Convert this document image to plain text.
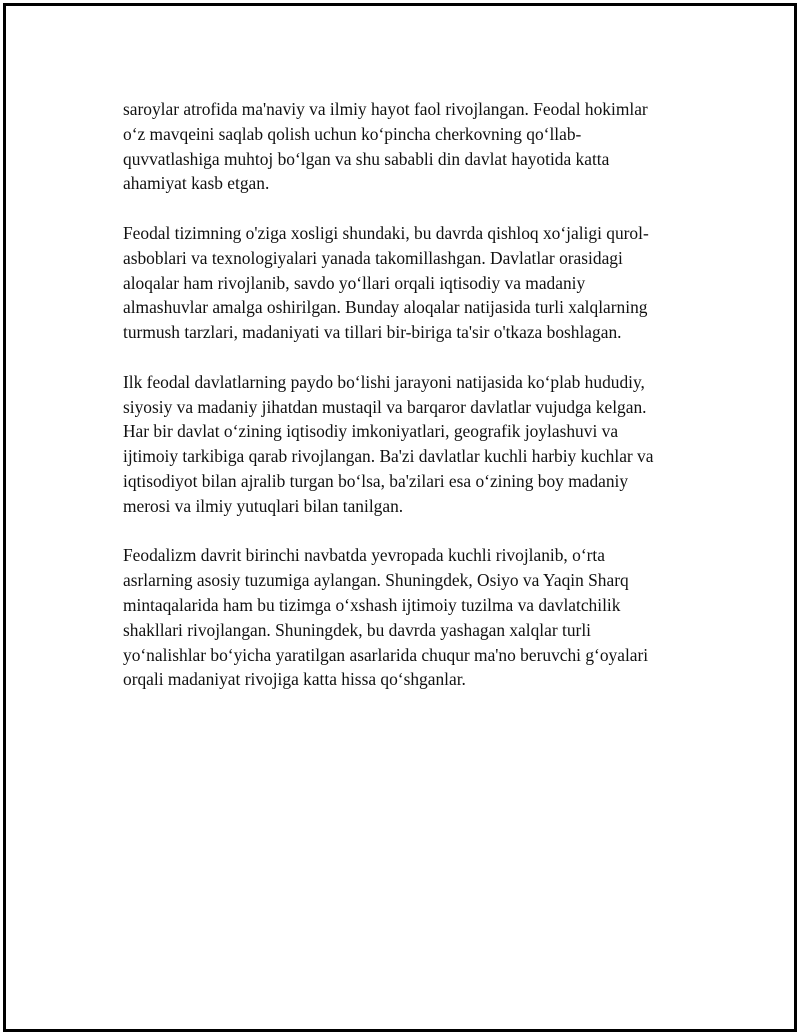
saroylar atrofida ma'naviy va ilmiy hayot faol rivojlangan. Feodal hokimlar
o‘z mavqeini saqlab qolish uchun ko‘pincha cherkovning qo‘llab-
quvvatlashiga muhtoj bo‘lgan va shu sababli din davlat hayotida katta
ahamiyat kasb etgan.

Feodal tizimning o'ziga xosligi shundaki, bu davrda qishloq xo‘jaligi qurol-
asboblari va texnologiyalari yanada takomillashgan. Davlatlar orasidagi
aloqalar ham rivojlanib, savdo yo‘llari orqali iqtisodiy va madaniy
almashuvlar amalga oshirilgan. Bunday aloqalar natijasida turli xalqlarning
turmush tarzlari, madaniyati va tillari bir-biriga ta'sir o'tkaza boshlagan.

Ilk feodal davlatlarning paydo bo‘lishi jarayoni natijasida ko‘plab hududiy,
siyosiy va madaniy jihatdan mustaqil va barqaror davlatlar vujudga kelgan.
Har bir davlat o‘zining iqtisodiy imkoniyatlari, geografik joylashuvi va
ijtimoiy tarkibiga qarab rivojlangan. Ba'zi davlatlar kuchli harbiy kuchlar va
iqtisodiyot bilan ajralib turgan bo‘lsa, ba'zilari esa o‘zining boy madaniy
merosi va ilmiy yutuqlari bilan tanilgan.

Feodalizm davrit birinchi navbatda yevropada kuchli rivojlanib, o‘rta
asrlarning asosiy tuzumiga aylangan. Shuningdek, Osiyo va Yaqin Sharq
mintaqalarida ham bu tizimga o‘xshash ijtimoiy tuzilma va davlatchilik
shakllari rivojlangan. Shuningdek, bu davrda yashagan xalqlar turli
yo‘nalishlar bo‘yicha yaratilgan asarlarida chuqur ma'no beruvchi g‘oyalari
orqali madaniyat rivojiga katta hissa qo‘shganlar.
